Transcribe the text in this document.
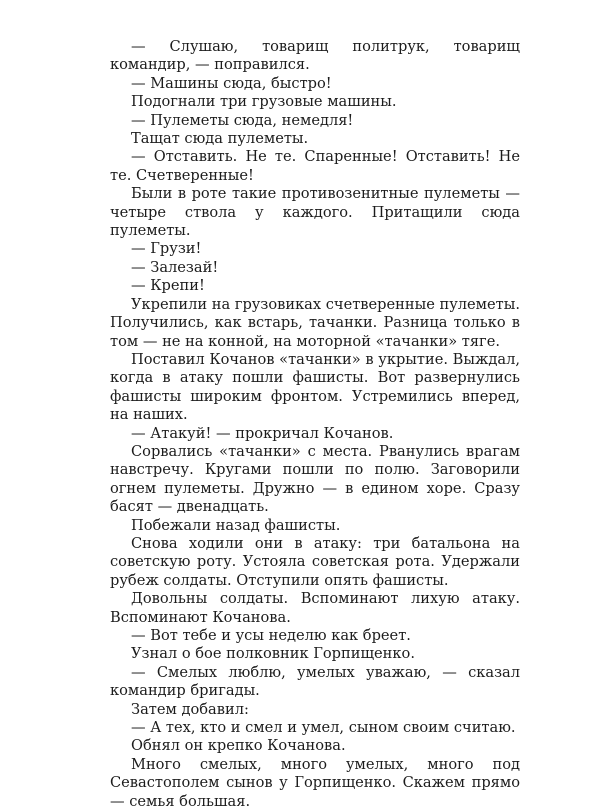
— Слушаю, товарищ политрук, товарищ командир, — поправился.

— Машины сюда, быстро!

Подогнали три грузовые машины.

— Пулеметы сюда, немедля!

Тащат сюда пулеметы.

— Отставить. Не те. Спаренные! Отставить! Не те. Счетверенные!

Были в роте такие противозенитные пулеметы — четыре ствола у каждого. Притащили сюда пулеметы.

— Грузи!

— Залезай!

— Крепи!

Укрепили на грузовиках счетверенные пулеметы. Получились, как встарь, тачанки. Разница только в том — не на конной, на моторной «тачанки» тяге.

Поставил Кочанов «тачанки» в укрытие. Выждал, когда в атаку пошли фашисты. Вот развернулись фашисты широким фронтом. Устремились вперед, на наших.

— Атакуй! — прокричал Кочанов.

Сорвались «тачанки» с места. Рванулись врагам навстречу. Кругами пошли по полю. Заговорили огнем пулеметы. Дружно — в едином хоре. Сразу басят — двенадцать.

Побежали назад фашисты.

Снова ходили они в атаку: три батальона на советскую роту. Устояла советская рота. Удержали рубеж солдаты. Отступили опять фашисты.

Довольны солдаты. Вспоминают лихую атаку. Вспоминают Кочанова.

— Вот тебе и усы неделю как бреет.

Узнал о бое полковник Горпищенко.

— Смелых люблю, умелых уважаю, — сказал командир бригады.

Затем добавил:

— А тех, кто и смел и умел, сыном своим считаю.

Обнял он крепко Кочанова.

Много смелых, много умелых, много под Севастополем сынов у Горпищенко. Скажем прямо — семья большая.
